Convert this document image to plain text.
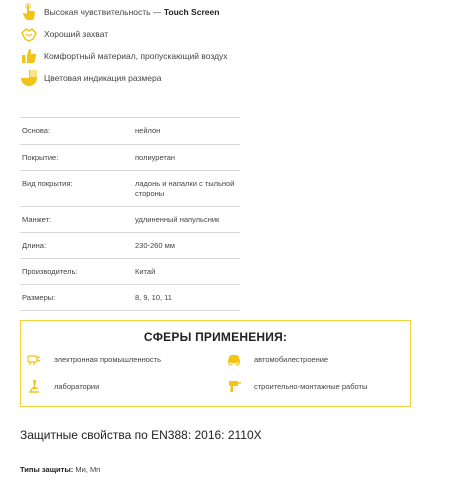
Высокая чувствительность — Touch Screen
Хороший захват
Комфортный материал, пропускающий воздух
Цветовая индикация размера
Основа:	нейлон
Покрытие:	полиуретан
Вид покрытия:	ладонь и напалки с тыльной стороны
Манжет:	удлиненный напульсник
Длина:	230-260 мм
Производитель:	Китай
Размеры:	8, 9, 10, 11
СФЕРЫ ПРИМЕНЕНИЯ:
электронная промышленность	автомобилестроение
лаборатории	строительно-монтажные работы
Защитные свойства по EN388: 2016: 2110X
Типы защиты: Ми, Мп
